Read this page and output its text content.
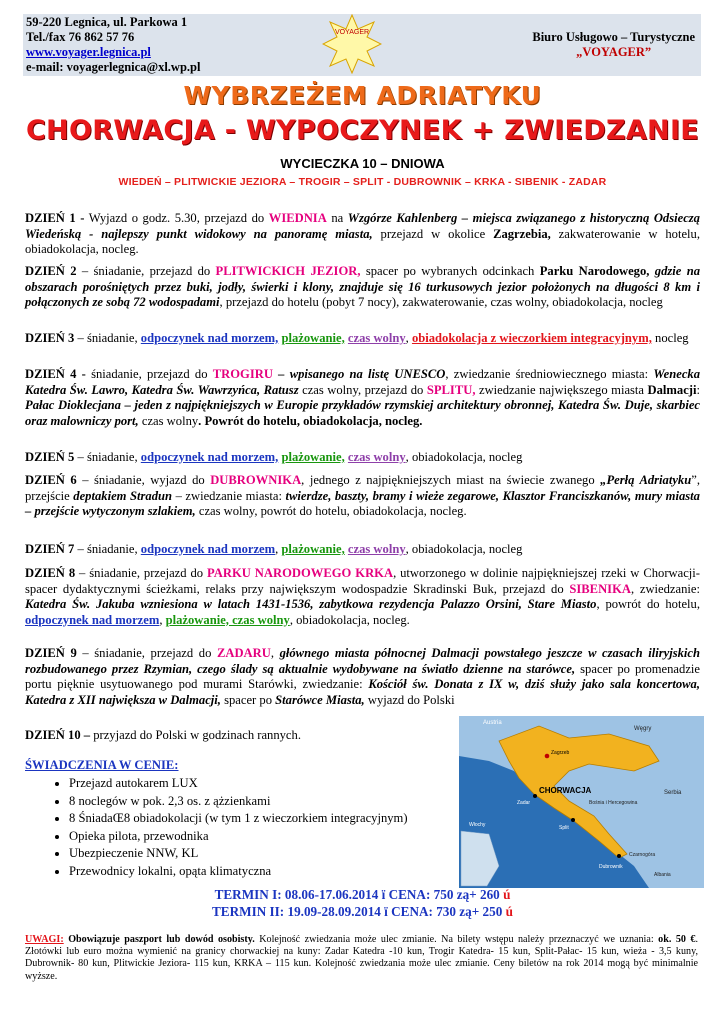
59-220 Legnica, ul. Parkowa 1
Tel./fax 76 862 57 76
www.voyager.legnica.pl
e-mail: voyagerlegnica@xl.wp.pl
Biuro Usługowo – Turystyczne
„VOYAGER”
VOYAGER
WYBRZEŻEM ADRIATYKU
CHORWACJA - WYPOCZYNEK + ZWIEDZANIE
WYCIECZKA 10 – DNIOWA
WIEDEŃ – PLITWICKIE JEZIORA – TROGIR – SPLIT - DUBROWNIK – KRKA - SIBENIK - ZADAR
DZIEŃ 1 - Wyjazd o godz. 5.30, przejazd do WIEDNIA na Wzgórze Kahlenberg – miejsca związanego z historyczną Odsieczą Wiedeńską - najlepszy punkt widokowy na panoramę miasta, przejazd w okolice Zagrzebia, zakwaterowanie w hotelu, obiadokolacja, nocleg.
DZIEŃ 2 – śniadanie, przejazd do PLITWICKICH JEZIOR, spacer po wybranych odcinkach Parku Narodowego, gdzie na obszarach porośniętych przez buki, jodły, świerki i klony, znajduje się 16 turkusowych jezior położonych na długości 8 km i połączonych ze sobą 72 wodospadami, przejazd do hotelu (pobyt 7 nocy), zakwaterowanie, czas wolny, obiadokolacja, nocleg
DZIEŃ 3 – śniadanie, odpoczynek nad morzem, plażowanie, czas wolny, obiadokolacja z wieczorkiem integracyjnym, nocleg
DZIEŃ 4 - śniadanie, przejazd do TROGIRU – wpisanego na listę UNESCO, zwiedzanie średniowiecznego miasta: Wenecka Katedra Św. Lawro, Katedra Św. Wawrzyńca, Ratusz czas wolny, przejazd do SPLITU, zwiedzanie największego miasta Dalmacji: Pałac Dioklecjana – jeden z najpiękniejszych w Europie przykładów rzymskiej architektury obronnej, Katedra Św. Duje, skarbiec oraz malowniczy port, czas wolny. Powrót do hotelu, obiadokolacja, nocleg.
DZIEŃ 5 – śniadanie, odpoczynek nad morzem, plażowanie, czas wolny, obiadokolacja, nocleg
DZIEŃ 6 – śniadanie, wyjazd do DUBROWNIKA, jednego z najpiękniejszych miast na świecie zwanego „Perłą Adriatyku”, przejście deptakiem Stradun – zwiedzanie miasta: twierdze, baszty, bramy i wieże zegarowe, Klasztor Franciszkanów, mury miasta – przejście wytyczonym szlakiem, czas wolny, powrót do hotelu, obiadokolacja, nocleg.
DZIEŃ 7 – śniadanie, odpoczynek nad morzem, plażowanie, czas wolny, obiadokolacja, nocleg
DZIEŃ 8 – śniadanie, przejazd do PARKU NARODOWEGO KRKA, utworzonego w dolinie najpiękniejszej rzeki w Chorwacji- spacer dydaktycznymi ścieżkami, relaks przy największym wodospadzie Skradinski Buk, przejazd do SIBENIKA, zwiedzanie: Katedra Św. Jakuba wzniesiona w latach 1431-1536, zabytkowa rezydencja Palazzo Orsini, Stare Miasto, powrót do hotelu, odpoczynek nad morzem, plażowanie, czas wolny, obiadokolacja, nocleg.
DZIEŃ 9 – śniadanie, przejazd do ZADARU, głównego miasta północnej Dalmacji powstałego jeszcze w czasach iliryjskich rozbudowanego przez Rzymian, czego ślady są aktualnie wydobywane na światło dzienne na starówce, spacer po promenadzie portu pięknie usytuowanego pod murami Starówki, zwiedzanie: Kościół św. Donata z IX w, dziś służy jako sala koncertowa, Katedra z XII największa w Dalmacji, spacer po Starówce Miasta, wyjazd do Polski
DZIEŃ 10 – przyjazd do Polski w godzinach rannych.
ŚWIADCZENIA W CENIE:
• Przejazd autokarem LUX
• 8 noclegów w pok. 2,3 os. z ążzienkami
• 8 ŚniadaŒ8 obiadokolacji (w tym 1 z wieczorkiem integracyjnym)
• Opieka pilota, przewodnika
• Ubezpieczenie NNW, KL
• Przewodnicy lokalni, opąta klimatyczna
Austria
Węgry
CHORWACJA
Bośnia i Hercegowina
Serbia
Czarnogóra
Albania
Włochy
Zagrzeb
Zadar
Split
Dubrownik
TERMIN I: 08.06-17.06.2014 ï CENA: 750 zą+ 260 ú
TERMIN II: 19.09-28.09.2014 ï CENA: 730 zą+ 250 ú
UWAGI: Obowiązuje paszport lub dowód osobisty. Kolejność zwiedzania może ulec zmianie. Na bilety wstępu należy przeznaczyć we uznania: ok. 50 €. Złotówki lub euro można wymienić na granicy chorwackiej na kuny: Zadar Katedra -10 kun, Trogir Katedra- 15 kun, Split-Pałac- 15 kun, wieża - 3,5 kuny, Dubrownik- 80 kun, Plitwickie Jeziora- 115 kun, KRKA – 115 kun. Kolejność zwiedzania może ulec zmianie. Ceny biletów na rok 2014 mogą być minimalnie wyższe.
